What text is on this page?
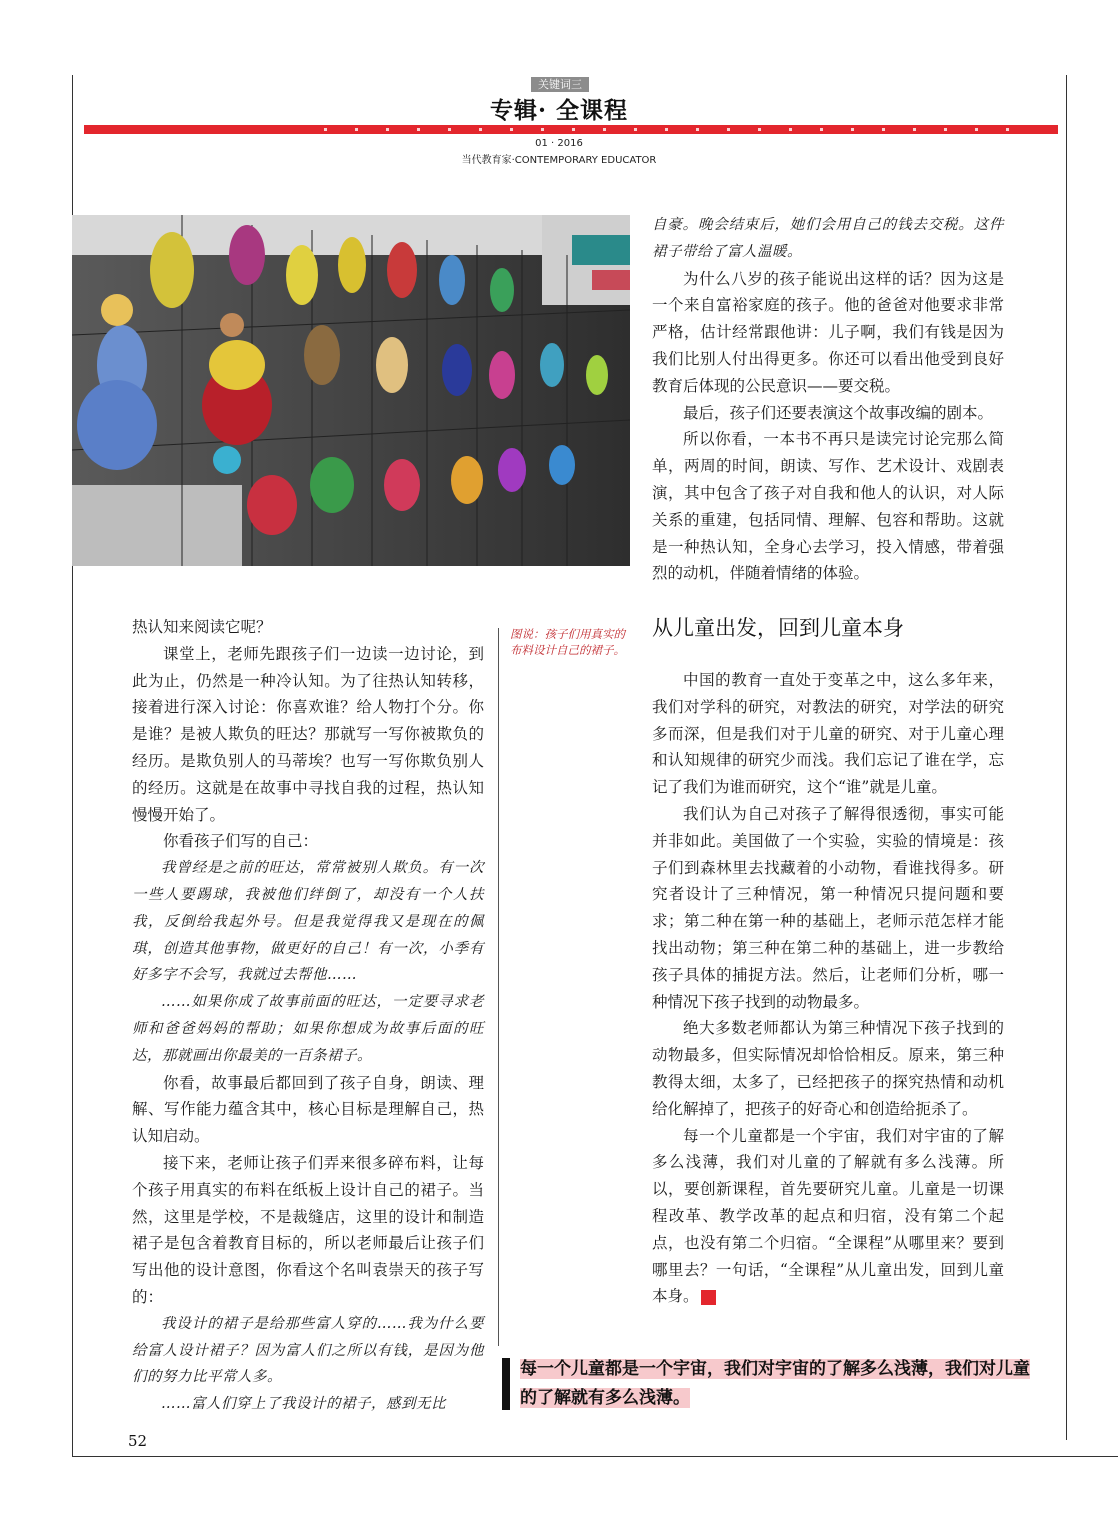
关键词三
专辑· 全课程
01 · 2016
当代教育家·CONTEMPORARY EDUCATOR

热认知来阅读它呢？

课堂上，老师先跟孩子们一边读一边讨论，到此为止，仍然是一种冷认知。为了往热认知转移，接着进行深入讨论：你喜欢谁？给人物打个分。你是谁？是被人欺负的旺达？那就写一写你被欺负的经历。是欺负别人的马蒂埃？也写一写你欺负别人的经历。这就是在故事中寻找自我的过程，热认知慢慢开始了。

你看孩子们写的自己：

我曾经是之前的旺达，常常被别人欺负。有一次一些人要踢球，我被他们绊倒了，却没有一个人扶我，反倒给我起外号。但是我觉得我又是现在的佩琪，创造其他事物，做更好的自己！有一次，小季有好多字不会写，我就过去帮他……

……如果你成了故事前面的旺达，一定要寻求老师和爸爸妈妈的帮助；如果你想成为故事后面的旺达，那就画出你最美的一百条裙子。

你看，故事最后都回到了孩子自身，朗读、理解、写作能力蕴含其中，核心目标是理解自己，热认知启动。

接下来，老师让孩子们弄来很多碎布料，让每个孩子用真实的布料在纸板上设计自己的裙子。当然，这里是学校，不是裁缝店，这里的设计和制造裙子是包含着教育目标的，所以老师最后让孩子们写出他的设计意图，你看这个名叫袁崇天的孩子写的：

我设计的裙子是给那些富人穿的……我为什么要给富人设计裙子？因为富人们之所以有钱，是因为他们的努力比平常人多。

……富人们穿上了我设计的裙子，感到无比

图说：孩子们用真实的布料设计自己的裙子。

自豪。晚会结束后，她们会用自己的钱去交税。这件裙子带给了富人温暖。

为什么八岁的孩子能说出这样的话？因为这是一个来自富裕家庭的孩子。他的爸爸对他要求非常严格，估计经常跟他讲：儿子啊，我们有钱是因为我们比别人付出得更多。你还可以看出他受到良好教育后体现的公民意识——要交税。

最后，孩子们还要表演这个故事改编的剧本。

所以你看，一本书不再只是读完讨论完那么简单，两周的时间，朗读、写作、艺术设计、戏剧表演，其中包含了孩子对自我和他人的认识，对人际关系的重建，包括同情、理解、包容和帮助。这就是一种热认知，全身心去学习，投入情感，带着强烈的动机，伴随着情绪的体验。

从儿童出发，回到儿童本身

中国的教育一直处于变革之中，这么多年来，我们对学科的研究，对教法的研究，对学法的研究多而深，但是我们对于儿童的研究、对于儿童心理和认知规律的研究少而浅。我们忘记了谁在学，忘记了我们为谁而研究，这个“谁”就是儿童。

我们认为自己对孩子了解得很透彻，事实可能并非如此。美国做了一个实验，实验的情境是：孩子们到森林里去找藏着的小动物，看谁找得多。研究者设计了三种情况，第一种情况只提问题和要求；第二种在第一种的基础上，老师示范怎样才能找出动物；第三种在第二种的基础上，进一步教给孩子具体的捕捉方法。然后，让老师们分析，哪一种情况下孩子找到的动物最多。

绝大多数老师都认为第三种情况下孩子找到的动物最多，但实际情况却恰恰相反。原来，第三种教得太细，太多了，已经把孩子的探究热情和动机给化解掉了，把孩子的好奇心和创造给扼杀了。

每一个儿童都是一个宇宙，我们对宇宙的了解多么浅薄，我们对儿童的了解就有多么浅薄。所以，要创新课程，首先要研究儿童。儿童是一切课程改革、教学改革的起点和归宿，没有第二个起点，也没有第二个归宿。“全课程”从哪里来？要到哪里去？一句话，“全课程”从儿童出发，回到儿童本身。	家

每一个儿童都是一个宇宙，我们对宇宙的了解多么浅薄，我们对儿童的了解就有多么浅薄。
52
